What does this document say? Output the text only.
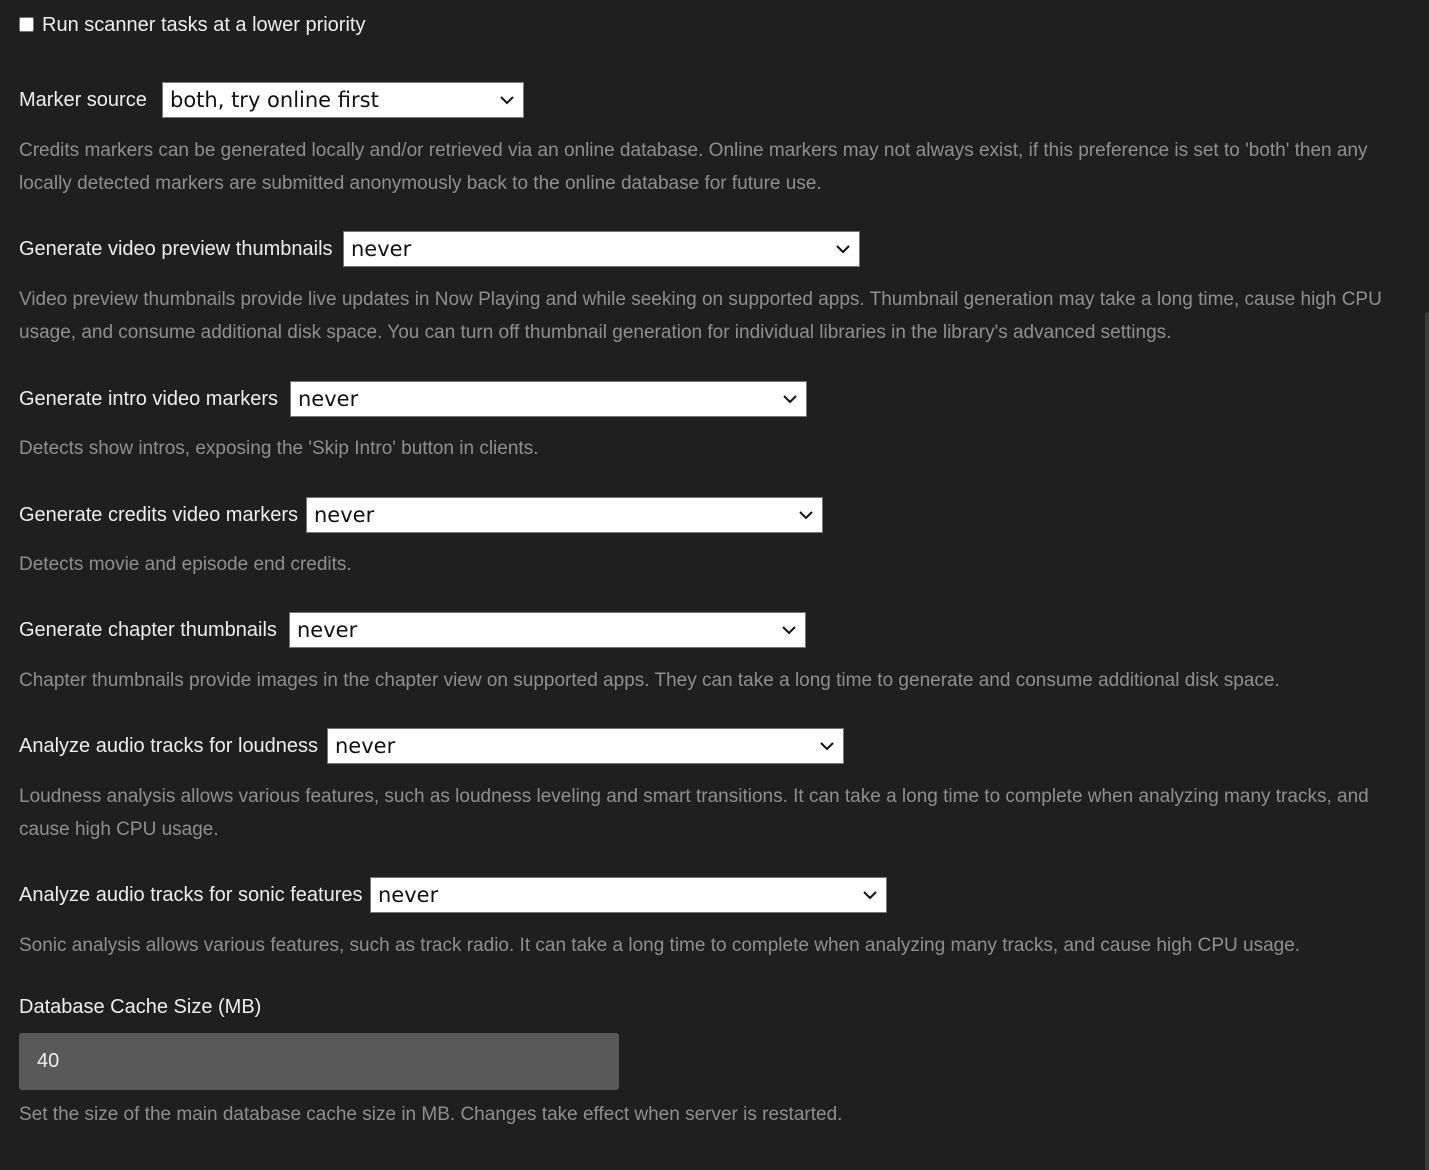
Run scanner tasks at a lower priority
Marker source both, try online first
Credits markers can be generated locally and/or retrieved via an online database. Online markers may not always exist, if this preference is set to 'both' then any locally detected markers are submitted anonymously back to the online database for future use.
Generate video preview thumbnails never
Video preview thumbnails provide live updates in Now Playing and while seeking on supported apps. Thumbnail generation may take a long time, cause high CPU usage, and consume additional disk space. You can turn off thumbnail generation for individual libraries in the library's advanced settings.
Generate intro video markers never
Detects show intros, exposing the 'Skip Intro' button in clients.
Generate credits video markers never
Detects movie and episode end credits.
Generate chapter thumbnails never
Chapter thumbnails provide images in the chapter view on supported apps. They can take a long time to generate and consume additional disk space.
Analyze audio tracks for loudness never
Loudness analysis allows various features, such as loudness leveling and smart transitions. It can take a long time to complete when analyzing many tracks, and cause high CPU usage.
Analyze audio tracks for sonic features never
Sonic analysis allows various features, such as track radio. It can take a long time to complete when analyzing many tracks, and cause high CPU usage.
Database Cache Size (MB)
40
Set the size of the main database cache size in MB. Changes take effect when server is restarted.
